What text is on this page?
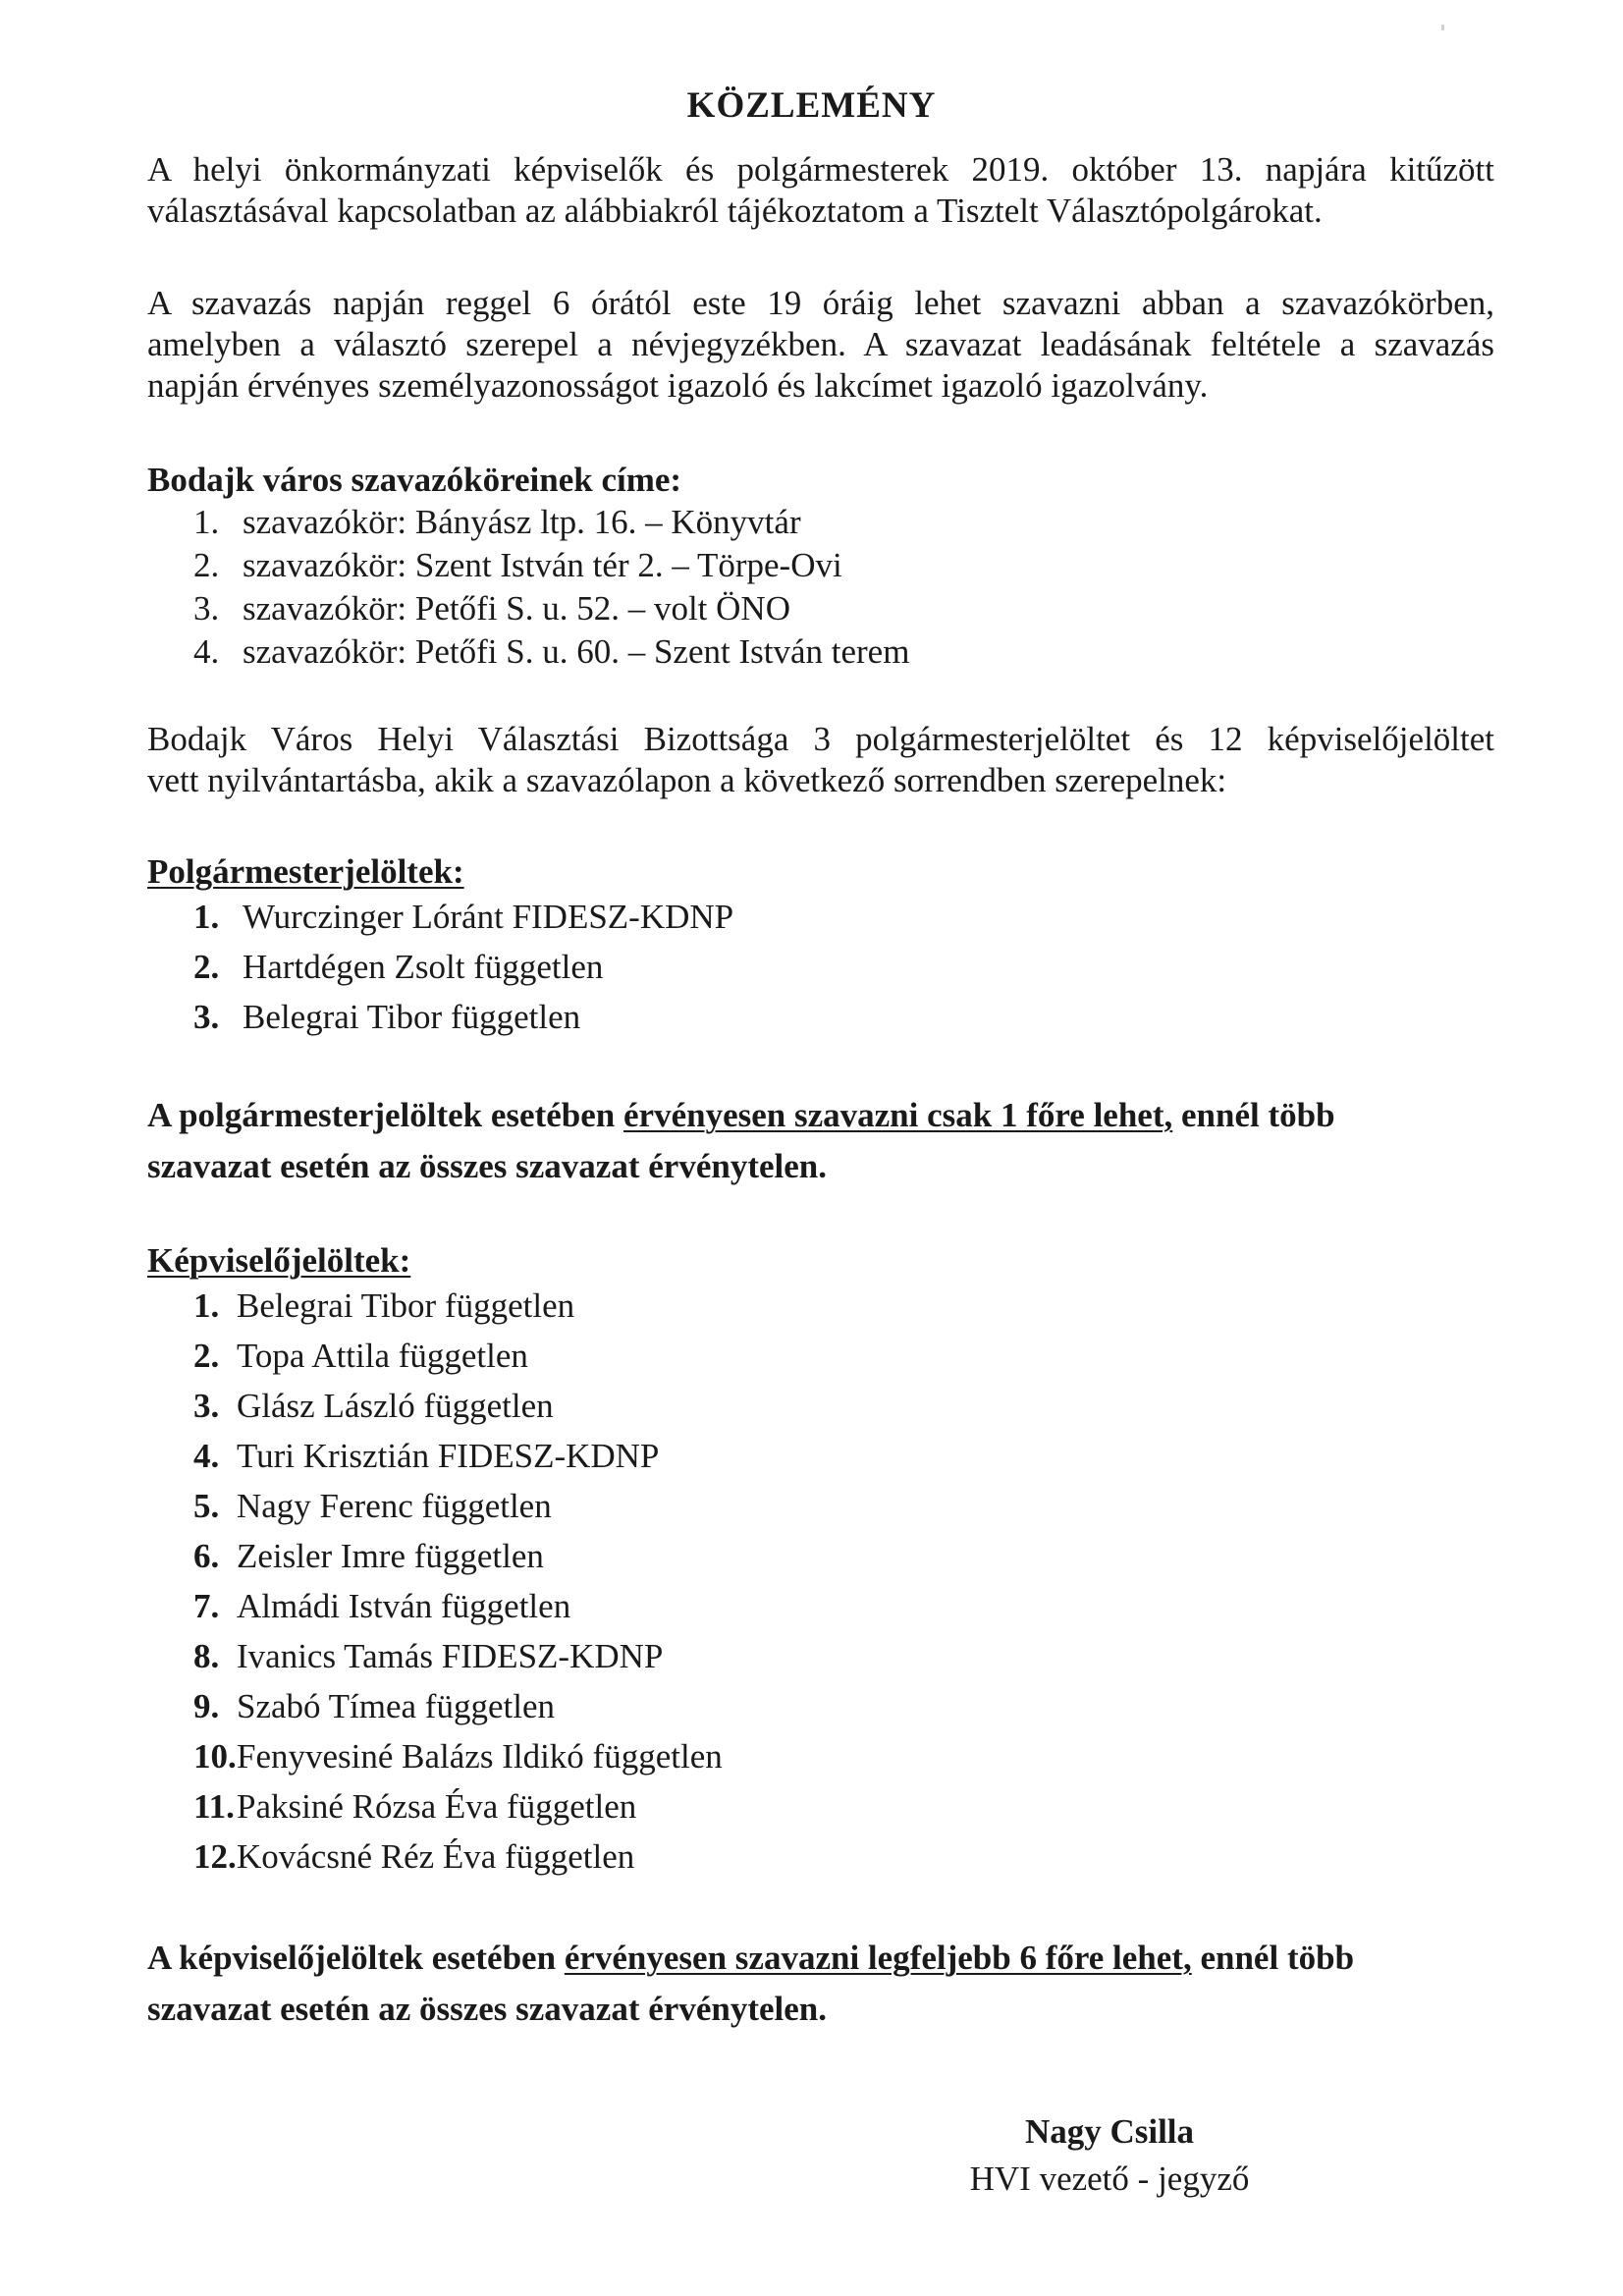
KÖZLEMÉNY
A helyi önkormányzati képviselők és polgármesterek 2019. október 13. napjára kitűzött
választásával kapcsolatban az alábbiakról tájékoztatom a Tisztelt Választópolgárokat.
A szavazás napján reggel 6 órától este 19 óráig lehet szavazni abban a szavazókörben,
amelyben a választó szerepel a névjegyzékben. A szavazat leadásának feltétele a szavazás
napján érvényes személyazonosságot igazoló és lakcímet igazoló igazolvány.
Bodajk város szavazóköreinek címe:
1. szavazókör: Bányász ltp. 16. – Könyvtár
2. szavazókör: Szent István tér 2. – Törpe-Ovi
3. szavazókör: Petőfi S. u. 52. – volt ÖNO
4. szavazókör: Petőfi S. u. 60. – Szent István terem
Bodajk Város Helyi Választási Bizottsága 3 polgármesterjelöltet és 12 képviselőjelöltet
vett nyilvántartásba, akik a szavazólapon a következő sorrendben szerepelnek:
Polgármesterjelöltek:
1. Wurczinger Lóránt FIDESZ-KDNP
2. Hartdégen Zsolt független
3. Belegrai Tibor független
A polgármesterjelöltek esetében érvényesen szavazni csak 1 főre lehet, ennél több
szavazat esetén az összes szavazat érvénytelen.
Képviselőjelöltek:
1. Belegrai Tibor független
2. Topa Attila független
3. Glász László független
4. Turi Krisztián FIDESZ-KDNP
5. Nagy Ferenc független
6. Zeisler Imre független
7. Almádi István független
8. Ivanics Tamás FIDESZ-KDNP
9. Szabó Tímea független
10.Fenyvesiné Balázs Ildikó független
11.Paksiné Rózsa Éva független
12.Kovácsné Réz Éva független
A képviselőjelöltek esetében érvényesen szavazni legfeljebb 6 főre lehet, ennél több
szavazat esetén az összes szavazat érvénytelen.
Nagy Csilla
HVI vezető - jegyző
